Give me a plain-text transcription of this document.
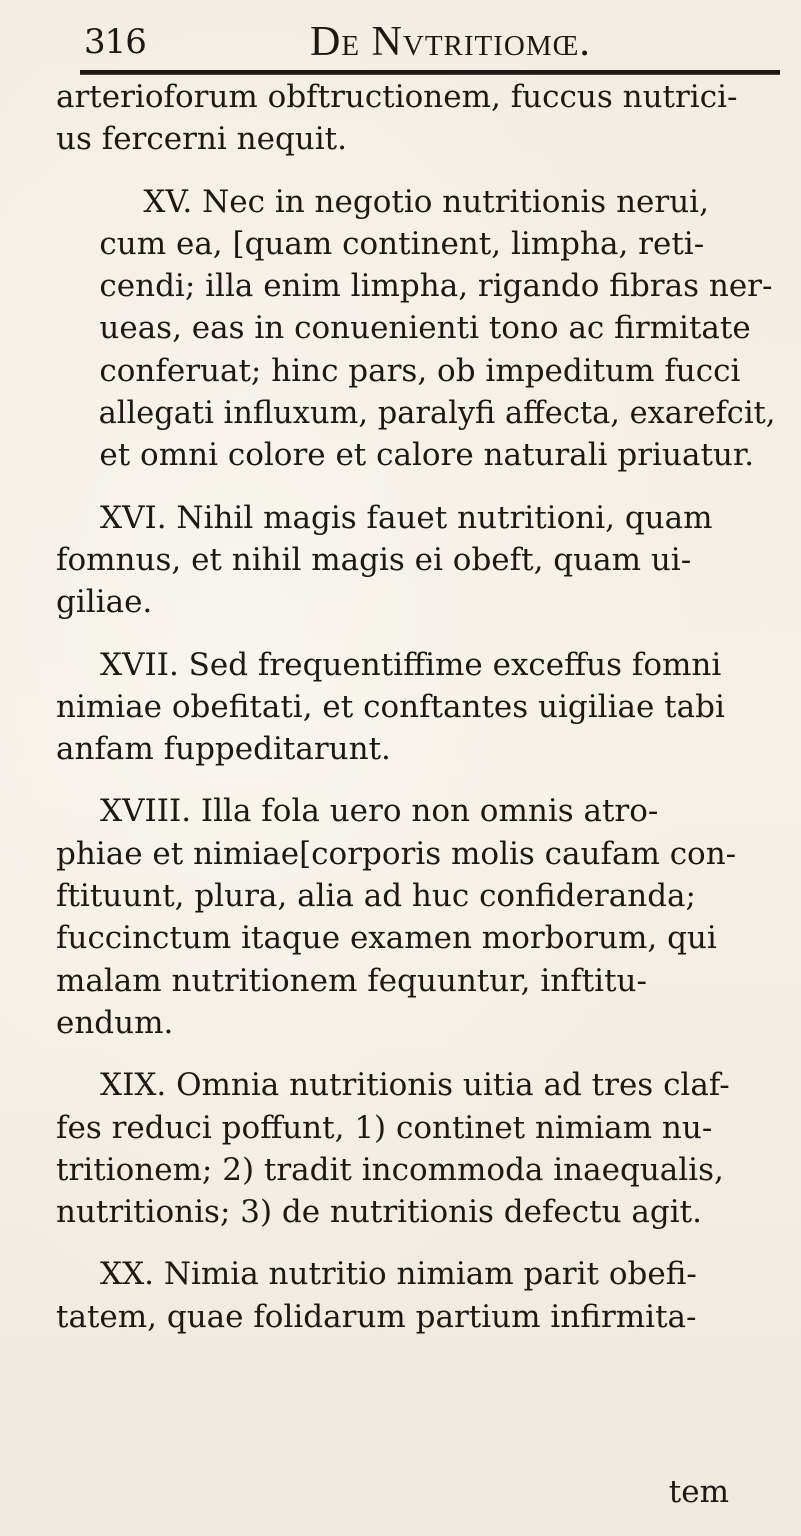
316	De Nvtritiomœ.
arterioforum obftructionem, fuccus nutrici-
us fercerni nequit.
XV. Nec in negotio nutritionis nerui,
cum ea, [quam continent, limpha, reti-
cendi; illa enim limpha, rigando fibras ner-
ueas, eas in conuenienti tono ac firmitate
conferuat; hinc pars, ob impeditum fucci
allegati influxum, paralyfi affecta, exarefcit,
et omni colore et calore naturali priuatur.
XVI. Nihil magis fauet nutritioni, quam
fomnus, et nihil magis ei obeft, quam ui-
giliae.
XVII. Sed frequentiffime exceffus fomni
nimiae obefitati, et conftantes uigiliae tabi
anfam fuppeditarunt.
XVIII. Illa fola uero non omnis atro-
phiae et nimiae[corporis molis caufam con-
ftituunt, plura, alia ad huc confideranda;
fuccinctum itaque examen morborum, qui
malam nutritionem fequuntur, inftitu-
endum.
XIX. Omnia nutritionis uitia ad tres claf-
fes reduci poffunt, 1) continet nimiam nu-
tritionem; 2) tradit incommoda inaequalis,
nutritionis; 3) de nutritionis defectu agit.
XX. Nimia nutritio nimiam parit obefi-
tatem, quae folidarum partium infirmita-
tem
